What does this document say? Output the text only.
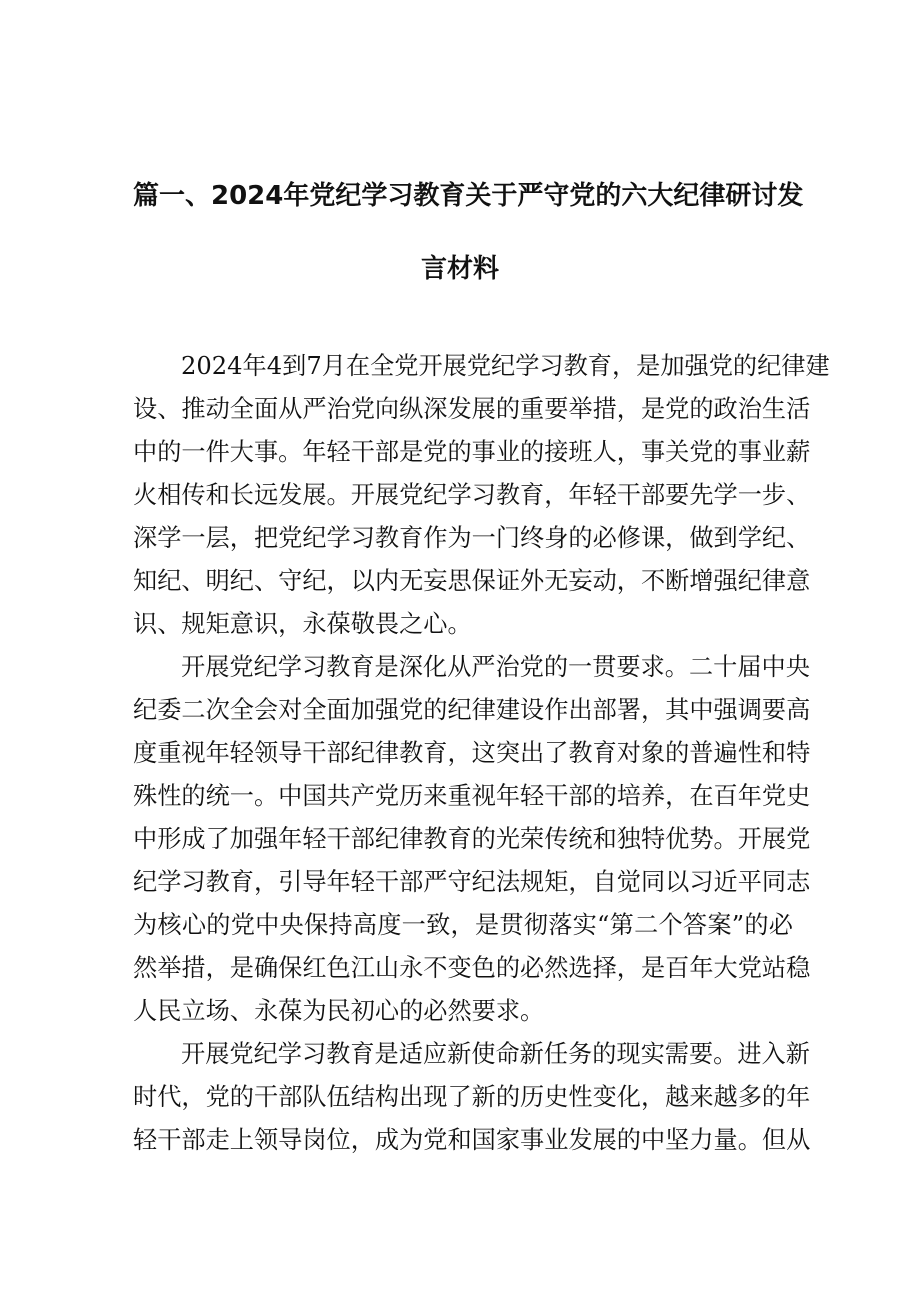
篇一、2024年党纪学习教育关于严守党的六大纪律研讨发
言材料
2024年4到7月在全党开展党纪学习教育，是加强党的纪律建
设、推动全面从严治党向纵深发展的重要举措，是党的政治生活
中的一件大事。年轻干部是党的事业的接班人，事关党的事业薪
火相传和长远发展。开展党纪学习教育，年轻干部要先学一步、
深学一层，把党纪学习教育作为一门终身的必修课，做到学纪、
知纪、明纪、守纪，以内无妄思保证外无妄动，不断增强纪律意
识、规矩意识，永葆敬畏之心。
开展党纪学习教育是深化从严治党的一贯要求。二十届中央
纪委二次全会对全面加强党的纪律建设作出部署，其中强调要高
度重视年轻领导干部纪律教育，这突出了教育对象的普遍性和特
殊性的统一。中国共产党历来重视年轻干部的培养，在百年党史
中形成了加强年轻干部纪律教育的光荣传统和独特优势。开展党
纪学习教育，引导年轻干部严守纪法规矩，自觉同以习近平同志
为核心的党中央保持高度一致，是贯彻落实“第二个答案”的必
然举措，是确保红色江山永不变色的必然选择，是百年大党站稳
人民立场、永葆为民初心的必然要求。
开展党纪学习教育是适应新使命新任务的现实需要。进入新
时代，党的干部队伍结构出现了新的历史性变化，越来越多的年
轻干部走上领导岗位，成为党和国家事业发展的中坚力量。但从
